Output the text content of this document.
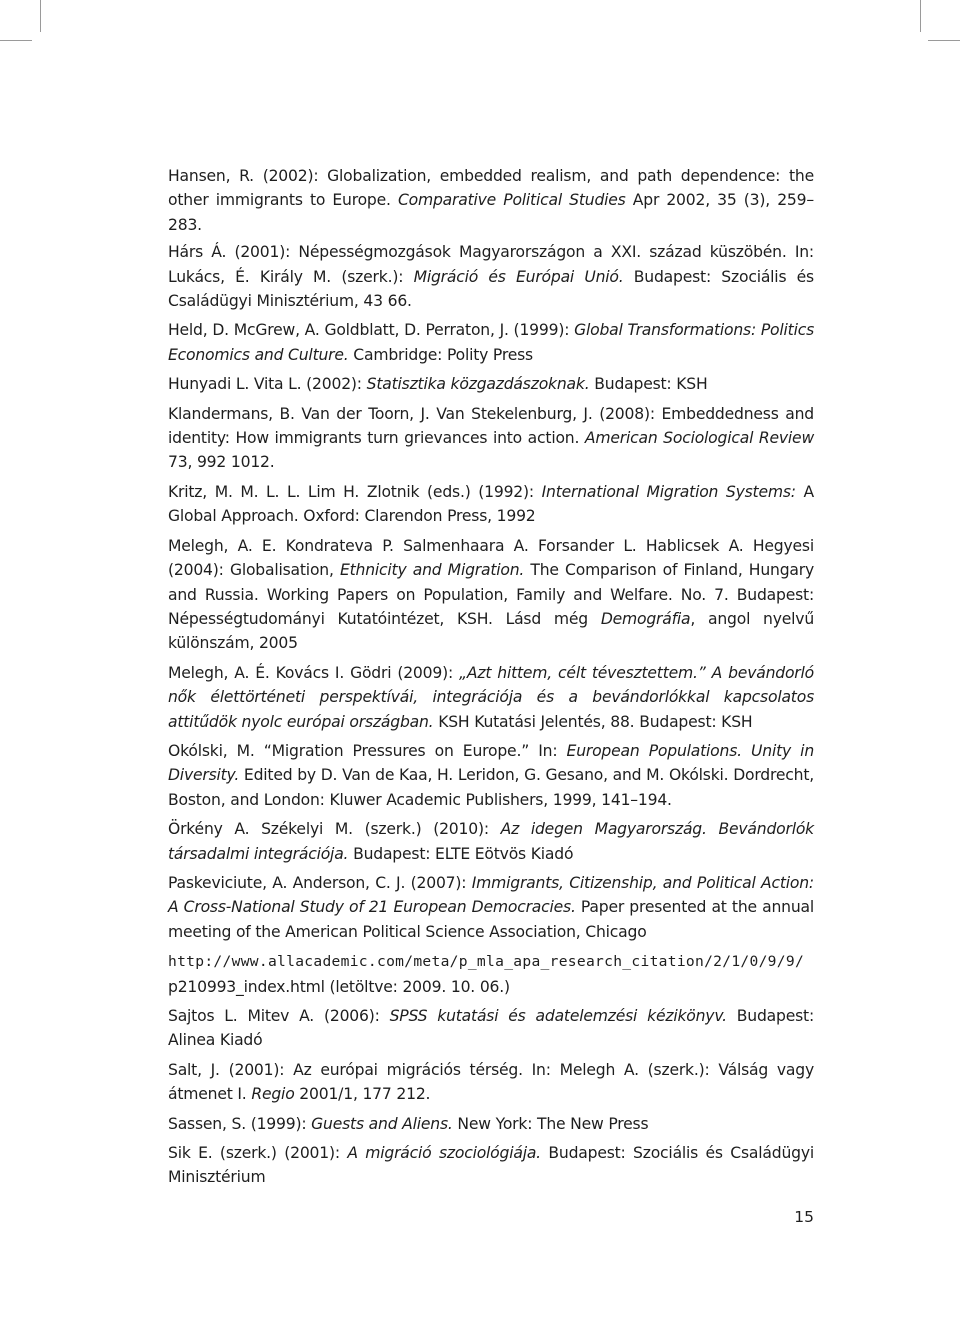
Hansen, R. (2002): Globalization, embedded realism, and path dependence: the other immigrants to Europe. Comparative Political Studies Apr 2002, 35 (3), 259–283.

Hárs Á. (2001): Népességmozgások Magyarországon a XXI. század küszöbén. In: Lukács, É. Király M. (szerk.): Migráció és Európai Unió. Budapest: Szociális és Családügyi Minisztérium, 43 66.

Held, D. McGrew, A. Goldblatt, D. Perraton, J. (1999): Global Transformations: Politics Economics and Culture. Cambridge: Polity Press

Hunyadi L. Vita L. (2002): Statisztika közgazdászoknak. Budapest: KSH

Klandermans, B. Van der Toorn, J. Van Stekelenburg, J. (2008): Embeddedness and identity: How immigrants turn grievances into action. American Sociological Review 73, 992 1012.

Kritz, M. M. L. L. Lim H. Zlotnik (eds.) (1992): International Migration Systems: A Global Approach. Oxford: Clarendon Press, 1992

Melegh, A. E. Kondrateva P. Salmenhaara A. Forsander L. Hablicsek A. Hegyesi (2004): Globalisation, Ethnicity and Migration. The Comparison of Finland, Hungary and Russia. Working Papers on Population, Family and Welfare. No. 7. Budapest: Népességtudományi Kutatóintézet, KSH. Lásd még Demográfia, angol nyelvű különszám, 2005

Melegh, A. É. Kovács I. Gödri (2009): „Azt hittem, célt tévesztettem.” A bevándorló nők élettörténeti perspektívái, integrációja és a bevándorlókkal kapcsolatos attitűdök nyolc európai országban. KSH Kutatási Jelentés, 88. Budapest: KSH

Okólski, M. “Migration Pressures on Europe.” In: European Populations. Unity in Diversity. Edited by D. Van de Kaa, H. Leridon, G. Gesano, and M. Okólski. Dordrecht, Boston, and London: Kluwer Academic Publishers, 1999, 141–194.

Örkény A. Székelyi M. (szerk.) (2010): Az idegen Magyarország. Bevándorlók társadalmi integrációja. Budapest: ELTE Eötvös Kiadó

Paskeviciute, A. Anderson, C. J. (2007): Immigrants, Citizenship, and Political Action: A Cross-National Study of 21 European Democracies. Paper presented at the annual meeting of the American Political Science Association, Chicago

http://www.allacademic.com/meta/p_mla_apa_research_citation/2/1/0/9/9/ p210993_index.html (letöltve: 2009. 10. 06.)

Sajtos L. Mitev A. (2006): SPSS kutatási és adatelemzési kézikönyv. Budapest: Alinea Kiadó

Salt, J. (2001): Az európai migrációs térség. In: Melegh A. (szerk.): Válság vagy átmenet I. Regio 2001/1, 177 212.

Sassen, S. (1999): Guests and Aliens. New York: The New Press

Sik E. (szerk.) (2001): A migráció szociológiája. Budapest: Szociális és Családügyi Minisztérium

15
